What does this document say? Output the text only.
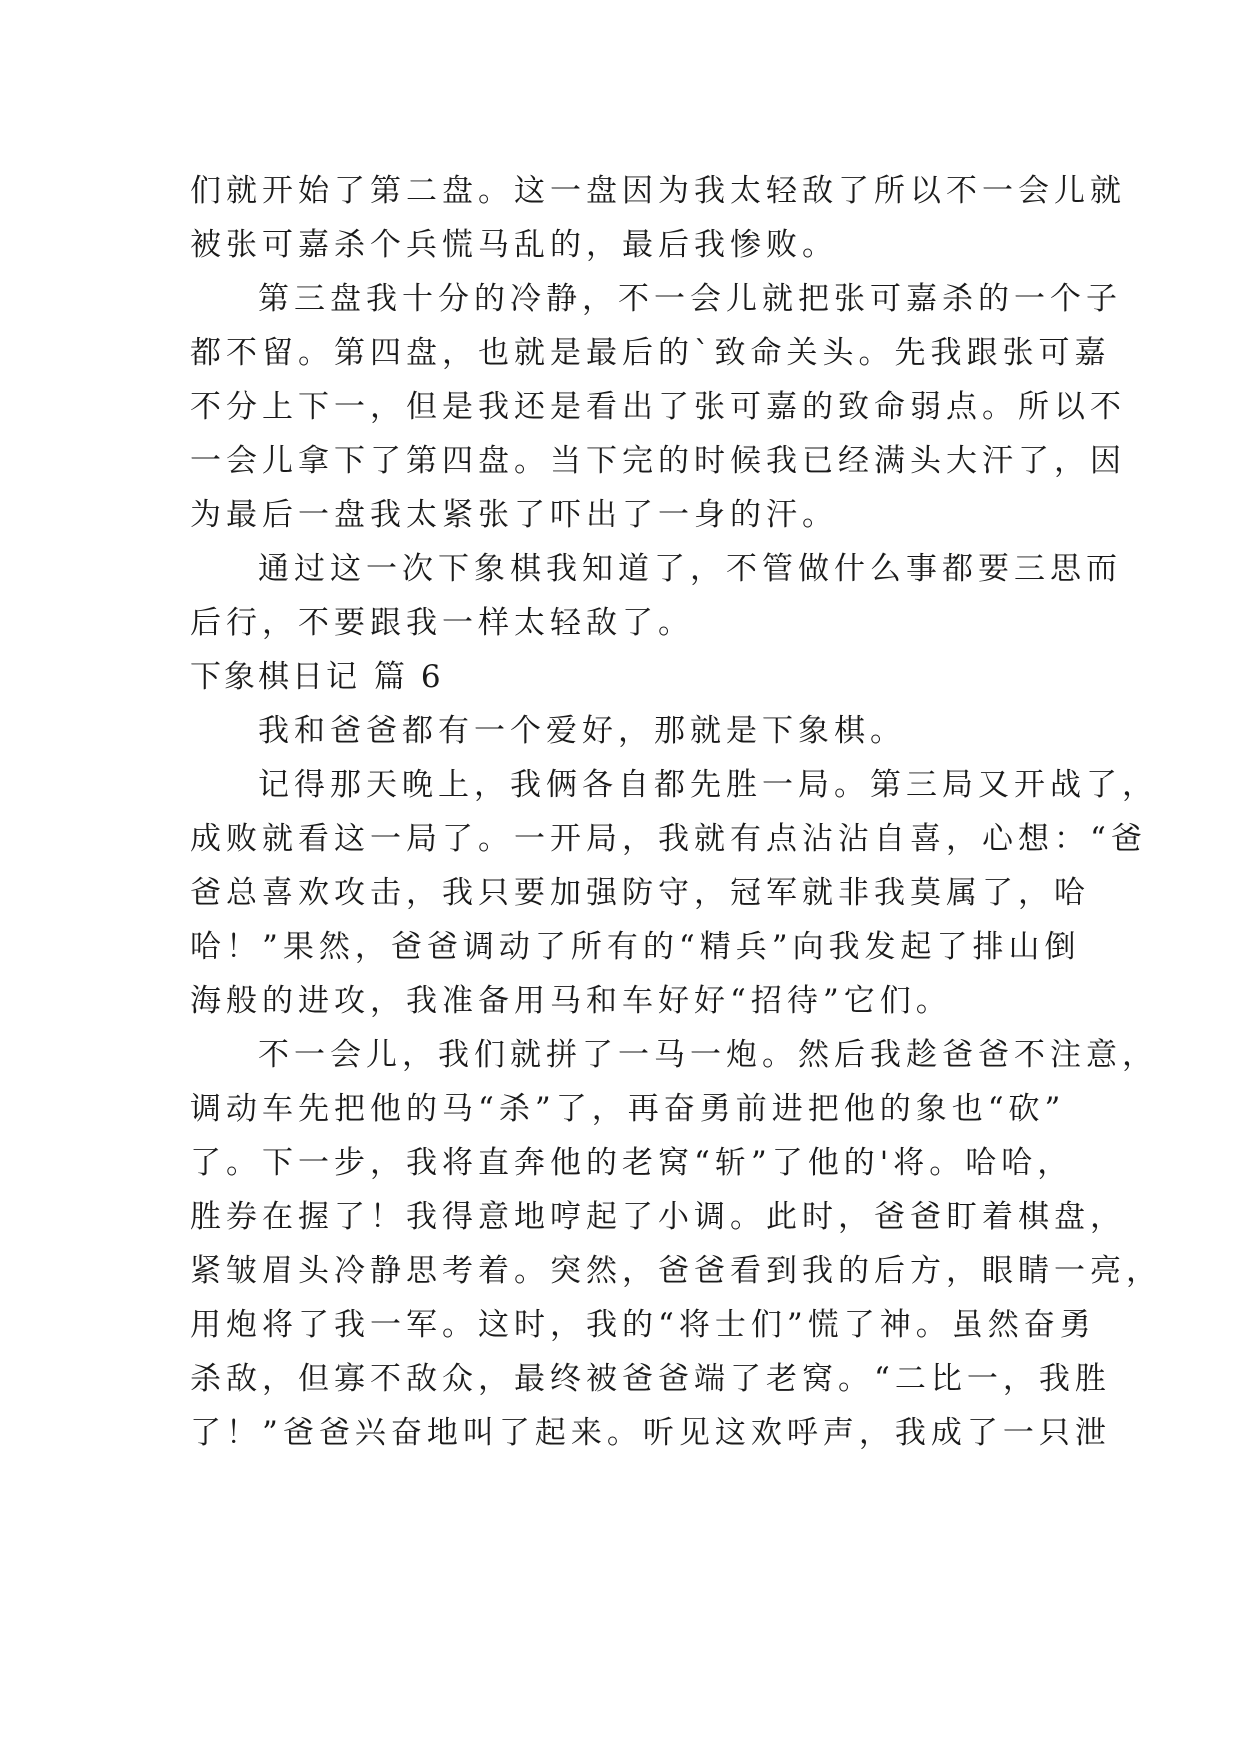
们就开始了第二盘。这一盘因为我太轻敌了所以不一会儿就
被张可嘉杀个兵慌马乱的，最后我惨败。
第三盘我十分的冷静，不一会儿就把张可嘉杀的一个子
都不留。第四盘，也就是最后的`致命关头。先我跟张可嘉
不分上下一，但是我还是看出了张可嘉的致命弱点。所以不
一会儿拿下了第四盘。当下完的时候我已经满头大汗了，因
为最后一盘我太紧张了吓出了一身的汗。
通过这一次下象棋我知道了，不管做什么事都要三思而
后行，不要跟我一样太轻敌了。
下象棋日记 篇 6
我和爸爸都有一个爱好，那就是下象棋。
记得那天晚上，我俩各自都先胜一局。第三局又开战了，
成败就看这一局了。一开局，我就有点沾沾自喜，心想：“爸
爸总喜欢攻击，我只要加强防守，冠军就非我莫属了，哈
哈！”果然，爸爸调动了所有的“精兵”向我发起了排山倒
海般的进攻，我准备用马和车好好“招待”它们。
不一会儿，我们就拼了一马一炮。然后我趁爸爸不注意，
调动车先把他的马“杀”了，再奋勇前进把他的象也“砍”
了。下一步，我将直奔他的老窝“斩”了他的'将。哈哈，
胜券在握了！我得意地哼起了小调。此时，爸爸盯着棋盘，
紧皱眉头冷静思考着。突然，爸爸看到我的后方，眼睛一亮，
用炮将了我一军。这时，我的“将士们”慌了神。虽然奋勇
杀敌，但寡不敌众，最终被爸爸端了老窝。“二比一，我胜
了！”爸爸兴奋地叫了起来。听见这欢呼声，我成了一只泄
